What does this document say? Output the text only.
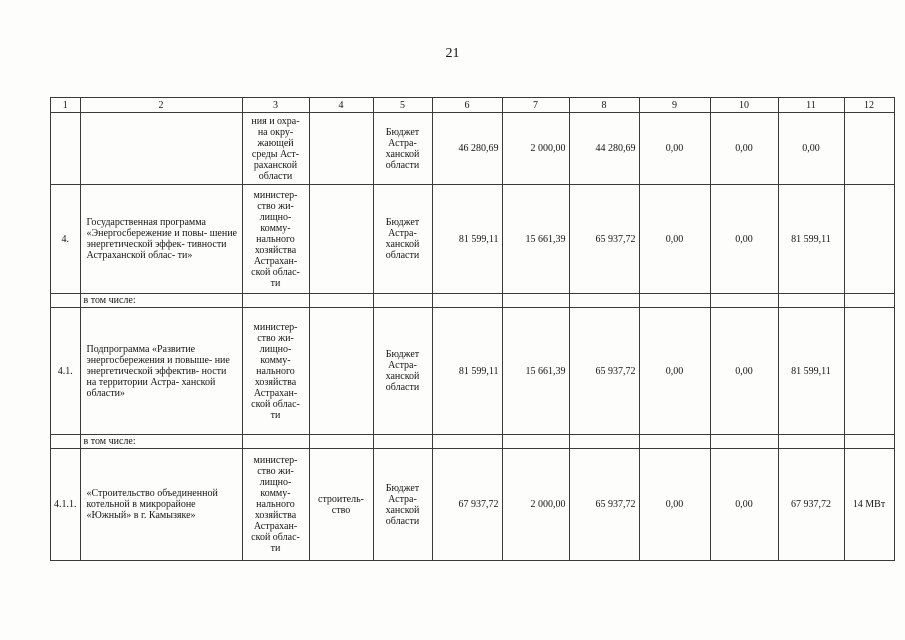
21
1	2	3	4	5	6	7	8	9	10	11	12
		ния и охра- на окру- жающей среды Аст- раханской области		Бюджет Астра- ханской области	46 280,69	2 000,00	44 280,69	0,00	0,00	0,00	
4.	Государственная программа «Энергосбережение и повы- шение энергетической эффек- тивности Астраханской облас- ти»	министер- ство жи- лищно- комму- нального хозяйства Астрахан- ской облас- ти		Бюджет Астра- ханской области	81 599,11	15 661,39	65 937,72	0,00	0,00	81 599,11	
	в том числе:										
4.1.	Подпрограмма «Развитие энергосбережения и повыше- ние энергетической эффектив- ности на территории Астра- ханской области»	министер- ство жи- лищно- комму- нального хозяйства Астрахан- ской облас- ти		Бюджет Астра- ханской области	81 599,11	15 661,39	65 937,72	0,00	0,00	81 599,11	
	в том числе:										
4.1.1.	«Строительство объединенной котельной в микрорайоне «Южный» в г. Камызяке»	министер- ство жи- лищно- комму- нального хозяйства Астрахан- ской облас- ти	строитель- ство	Бюджет Астра- ханской области	67 937,72	2 000,00	65 937,72	0,00	0,00	67 937,72	14 МВт
